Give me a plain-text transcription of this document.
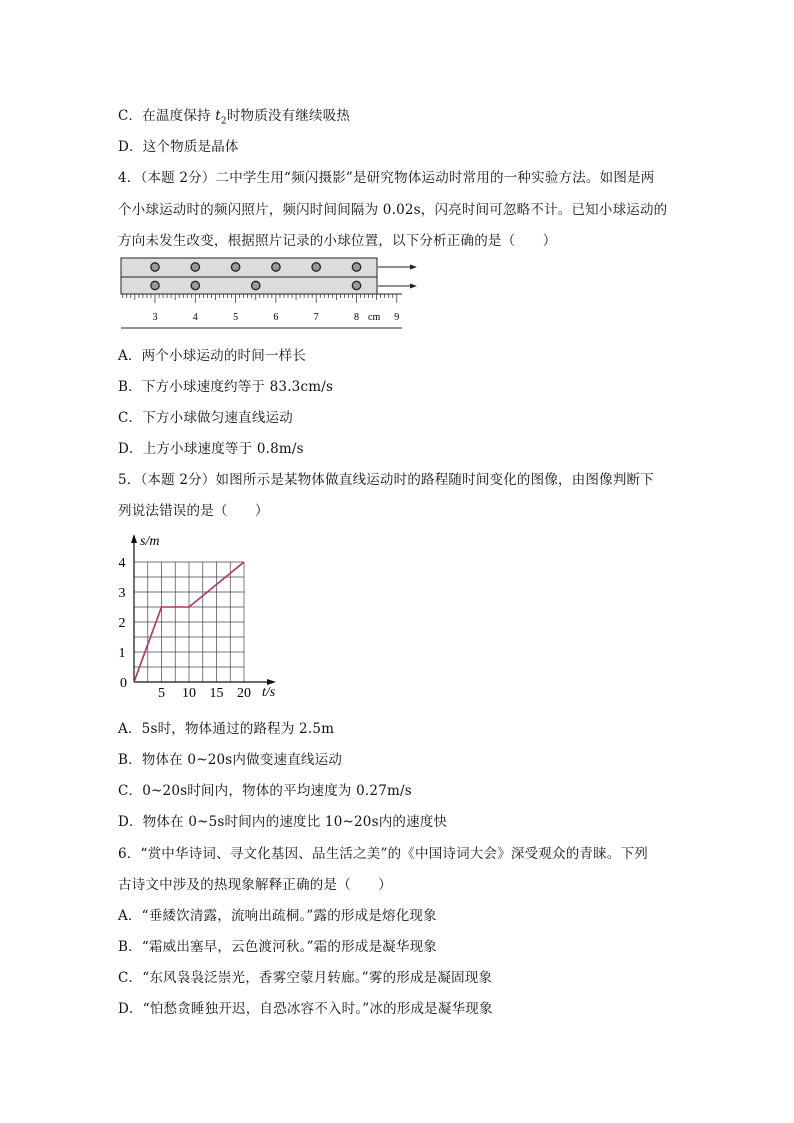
C．在温度保持 $t_2$时物质没有继续吸热
D．这个物质是晶体
4．（本题 2分）二中学生用“频闪摄影”是研究物体运动时常用的一种实验方法。如图是两
个小球运动时的频闪照片，频闪时间间隔为 0.02s，闪亮时间可忽略不计。已知小球运动的
方向未发生改变，根据照片记录的小球位置，以下分析正确的是（　　）
3	4	5	6	7	8	9
cm
A．两个小球运动的时间一样长
B．下方小球速度约等于 83.3cm/s
C．下方小球做匀速直线运动
D．上方小球速度等于 0.8m/s
5．（本题 2分）如图所示是某物体做直线运动时的路程随时间变化的图像，由图像判断下
列说法错误的是（　　）
s/m
t/s
0
1
2
3
4
5 10 15 20
A．5s时，物体通过的路程为 2.5m
B．物体在 0~20s内做变速直线运动
C．0~20s时间内，物体的平均速度为 0.27m/s
D．物体在 0~5s时间内的速度比 10~20s内的速度快
6．“赏中华诗词、寻文化基因、品生活之美”的《中国诗词大会》深受观众的青睐。下列
古诗文中涉及的热现象解释正确的是（　　）
A．“垂緌饮清露，流响出疏桐。”露的形成是熔化现象
B．“霜威出塞早，云色渡河秋。”霜的形成是凝华现象
C．“东风袅袅泛崇光，香雾空蒙月转廊。”雾的形成是凝固现象
D．“怕愁贪睡独开迟，自恐冰容不入时。”冰的形成是凝华现象
